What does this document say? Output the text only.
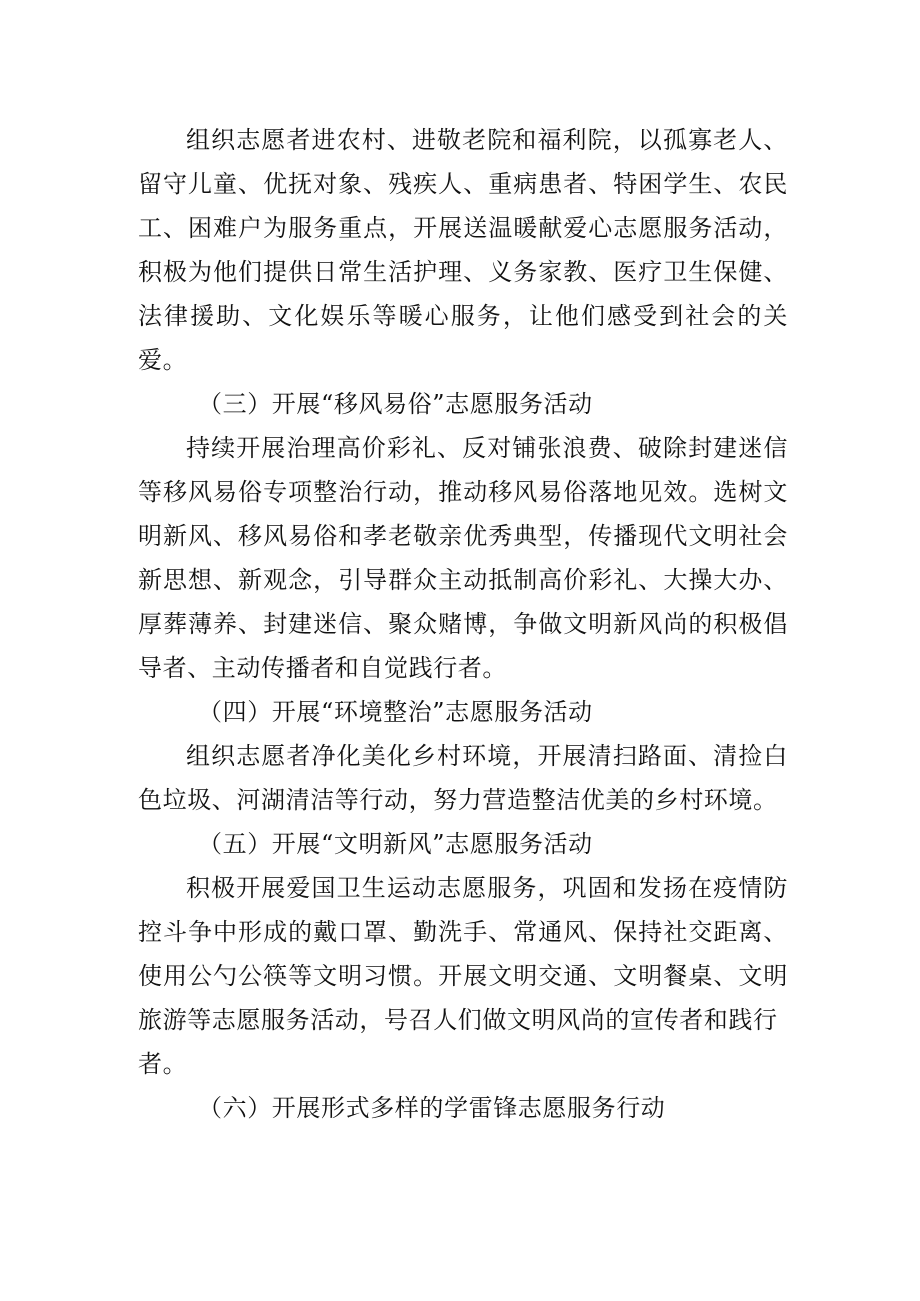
组织志愿者进农村、进敬老院和福利院，以孤寡老人、留守儿童、优抚对象、残疾人、重病患者、特困学生、农民工、困难户为服务重点，开展送温暖献爱心志愿服务活动，积极为他们提供日常生活护理、义务家教、医疗卫生保健、法律援助、文化娱乐等暖心服务，让他们感受到社会的关爱。

（三）开展“移风易俗”志愿服务活动

持续开展治理高价彩礼、反对铺张浪费、破除封建迷信等移风易俗专项整治行动，推动移风易俗落地见效。选树文明新风、移风易俗和孝老敬亲优秀典型，传播现代文明社会新思想、新观念，引导群众主动抵制高价彩礼、大操大办、厚葬薄养、封建迷信、聚众赌博，争做文明新风尚的积极倡导者、主动传播者和自觉践行者。

（四）开展“环境整治”志愿服务活动

组织志愿者净化美化乡村环境，开展清扫路面、清捡白色垃圾、河湖清洁等行动，努力营造整洁优美的乡村环境。

（五）开展“文明新风”志愿服务活动

积极开展爱国卫生运动志愿服务，巩固和发扬在疫情防控斗争中形成的戴口罩、勤洗手、常通风、保持社交距离、使用公勺公筷等文明习惯。开展文明交通、文明餐桌、文明旅游等志愿服务活动，号召人们做文明风尚的宣传者和践行
者。

（六）开展形式多样的学雷锋志愿服务行动
